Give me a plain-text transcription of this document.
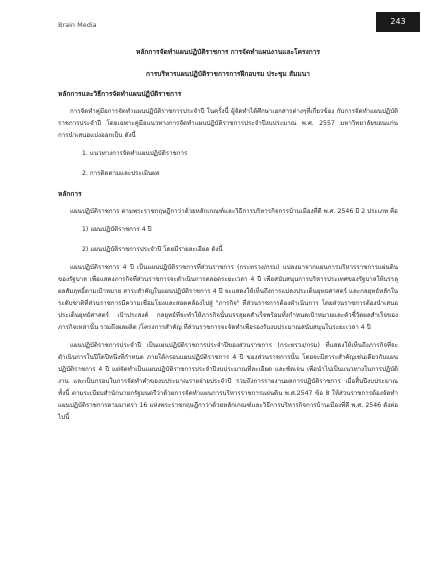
Brain Media	243
หลักการจัดทำแผนปฏิบัติราชการ การจัดทำแผนงานและโครงการ
การบริหารแผนปฏิบัติราชการการฝึกอบรม ประชุม สัมมนา
หลักการและวิธีการจัดทำแผนปฏิบัติราชการ

การจัดทำคู่มือการจัดทำแผนปฏิบัติราชการประจำปี ในครั้งนี้ ผู้จัดทำได้ศึกษาเอกสารต่างๆที่เกี่ยวข้อง กับการจัดทำแผนปฏิบัติราชการประจำปี โดยเฉพาะคู่มือแนวทางการจัดทำแผนปฏิบัติราชการประจำปีงบประมาณ พ.ศ. 2557 มหาวิทยาลัยขอนแก่น การนำเสนอแบ่งออกเป็น ดังนี้

1. แนวทางการจัดทำแผนปฏิบัติราชการ
2. การติดตามและประเมินผล
หลักการ

แผนปฏิบัติราชการ ตามพระราชกฤษฎีกาว่าด้วยหลักเกณฑ์และวิธีการบริหารกิจการบ้านเมืองที่ดี พ.ศ. 2546 มี 2 ประเภท คือ

1) แผนปฏิบัติราชการ 4 ปี
2) แผนปฏิบัติราชการประจำปี โดยมีรายละเอียด ดังนี้

แผนปฏิบัติราชการ 4 ปี เป็นแผนปฏิบัติราชการที่ส่วนราชการ (กระทรวง/กรม) แปลงมาจากแผนการบริหารราชการแผ่นดินของรัฐบาล เพื่อแสดงภารกิจที่ส่วนราชการจะดำเนินการตลอดระยะเวลา 4 ปี เพื่อสนับสนุนการบริหารประเทศของรัฐบาลให้บรรลุผลสัมฤทธิ์ตามเป้าหมาย สาระสำคัญในแผนปฏิบัติราชการ 4 ปี จะแสดงให้เห็นถึงการแปลงประเด็นยุทธศาสตร์ และกลยุทธ์หลักในระดับชาติที่ส่วนราชการมีความเชื่อมโยงและสอดคล้องไปสู่ "ภารกิจ" ที่ส่วนราชการต้องดำเนินการ โดยส่วนราชการต้องนำเสนอประเด็นยุทธ์ศาสตร์ เป้าประสงค์ กลยุทธ์ที่จะทำให้ภารกิจนั้นบรรลุผลสำเร็จพร้อมทั้งกำหนดเป้าหมายและตัวชี้วัดผลสำเร็จของภารกิจเหล่านั้น รวมถึงผลผลิต /โครงการสำคัญ ที่ส่วนราชการจะจัดทำเพื่อรองรับงบประมาณสนับสนุนในระยะเวลา 4 ปี

แผนปฏิบัติราชการประจำปี เป็นแผนปฏิบัติราชการประจำปีของส่วนราชการ (กระทรวง/กรม) ที่แสดงให้เห็นถึงภารกิจที่จะดำเนินการในปีใดปีหนึ่งที่กำหนด ภายใต้กรอบแผนปฏิบัติราชการ 4 ปี ของส่วนราชการนั้น โดยจะมีสาระสำคัญเช่นเดียวกับแผนปฏิบัติราชการ 4 ปี แต่จัดทำเป็นแผนปฏิบัติราชการประจำปีงบประมาณที่ละเอียด และชัดเจน เพื่อนำไปเป็นแนวทางในการปฏิบัติงาน และเป็นกรอบในการจัดทำคำของบประมาณรายจ่ายประจำปี รวมถึงการรายงานผลการปฏิบัติราชการ เมื่อสิ้นปีงบประมาณทั้งนี้ ตามระเบียบสำนักนายกรัฐมนตรีว่าด้วยการจัดทำแผนการบริหารราชการแผ่นดิน พ.ศ.2547 ข้อ 8 ให้ส่วนราชการต้องจัดทำแผนปฏิบัติราชการตามมาตรา 16 แห่งพระราชกฤษฎีกาว่าด้วยหลักเกณฑ์และวิธีการบริหารกิจการบ้านเมืองที่ดี พ.ศ. 2546 ดังต่อไปนี้
